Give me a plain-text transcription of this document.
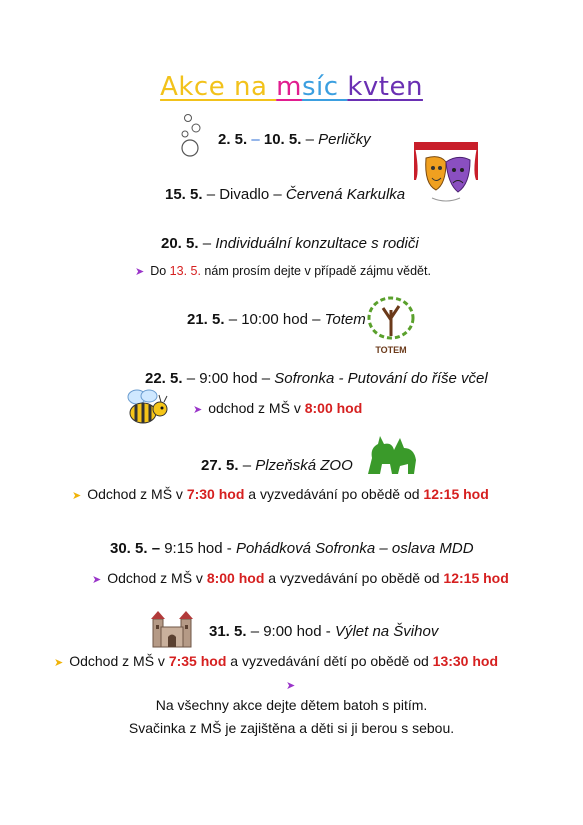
Akce na msíc kvten
2. 5. – 10. 5. – Perličky
15. 5. – Divadlo – Červená Karkulka
20. 5. – Individuální konzultace s rodiči
➤ Do 13. 5. nám prosím dejte v případě zájmu vědět.
21. 5. – 10:00 hod – Totem
TOTEM
22. 5. – 9:00 hod – Sofronka - Putování do říše včel
➤ odchod z MŠ v 8:00 hod
27. 5. – Plzeňská ZOO
➤ Odchod z MŠ v 7:30 hod a vyzvedávání po obědě od 12:15 hod
30. 5. – 9:15 hod - Pohádková Sofronka – oslava MDD
➤ Odchod z MŠ v 8:00 hod a vyzvedávání po obědě od 12:15 hod
31. 5. – 9:00 hod - Výlet na Švihov
➤ Odchod z MŠ v 7:35 hod a vyzvedávání dětí po obědě od 13:30 hod
➤
Na všechny akce dejte dětem batoh s pitím.
Svačinka z MŠ je zajištěna a děti si ji berou s sebou.
